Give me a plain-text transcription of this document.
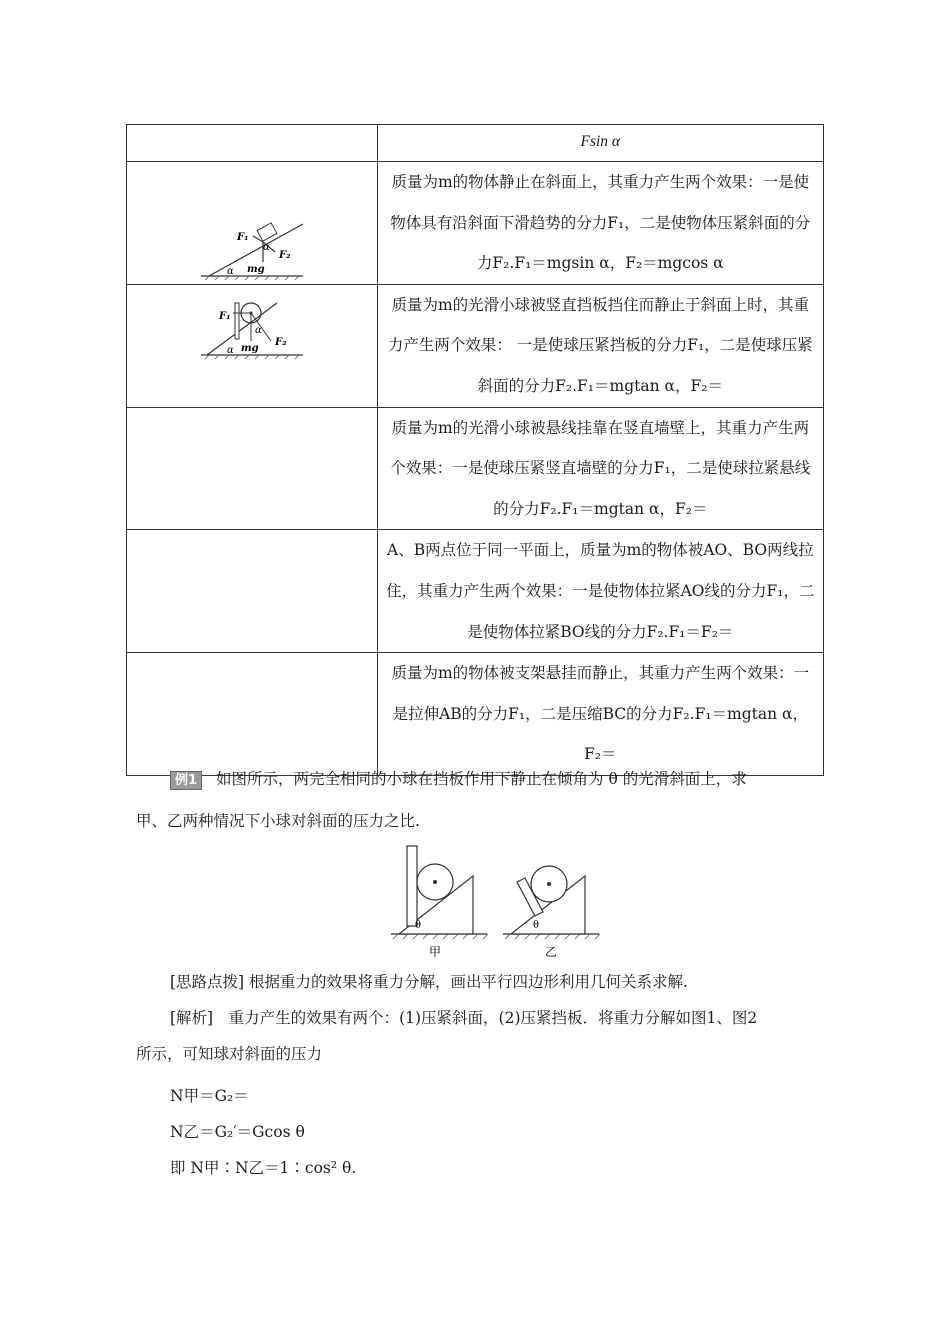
	Fsin α

F₁
F₂
mg
α
α	质量为m的物体静止在斜面上，其重力产生两个效果：一是使物体具有沿斜面下滑趋势的分力F₁，二是使物体压紧斜面的分力F₂.F₁＝mgsin α，F₂＝mgcos α

F₁
F₂
mg
α
α	质量为m的光滑小球被竖直挡板挡住而静止于斜面上时，其重力产生两个效果： 一是使球压紧挡板的分力F₁，二是使球压紧斜面的分力F₂.F₁＝mgtan α，F₂＝

	质量为m的光滑小球被悬线挂靠在竖直墙壁上，其重力产生两个效果：一是使球压紧竖直墙壁的分力F₁，二是使球拉紧悬线的分力F₂.F₁＝mgtan α，F₂＝

	A、B两点位于同一平面上，质量为m的物体被AO、BO两线拉住，其重力产生两个效果：一是使物体拉紧AO线的分力F₁，二是使物体拉紧BO线的分力F₂.F₁＝F₂＝

	质量为m的物体被支架悬挂而静止，其重力产生两个效果：一是拉伸AB的分力F₁，二是压缩BC的分力F₂.F₁＝mgtan α，F₂＝
例1 如图所示，两完全相同的小球在挡板作用下静止在倾角为 θ 的光滑斜面上，求
甲、乙两种情况下小球对斜面的压力之比.
θ
甲
θ
乙
[思路点拨] 根据重力的效果将重力分解，画出平行四边形利用几何关系求解.
[解析]　重力产生的效果有两个：(1)压紧斜面，(2)压紧挡板．将重力分解如图1、图2
所示，可知球对斜面的压力
N甲＝G₂＝
N乙＝G₂′＝Gcos θ
即 N甲∶N乙＝1∶cos² θ.
